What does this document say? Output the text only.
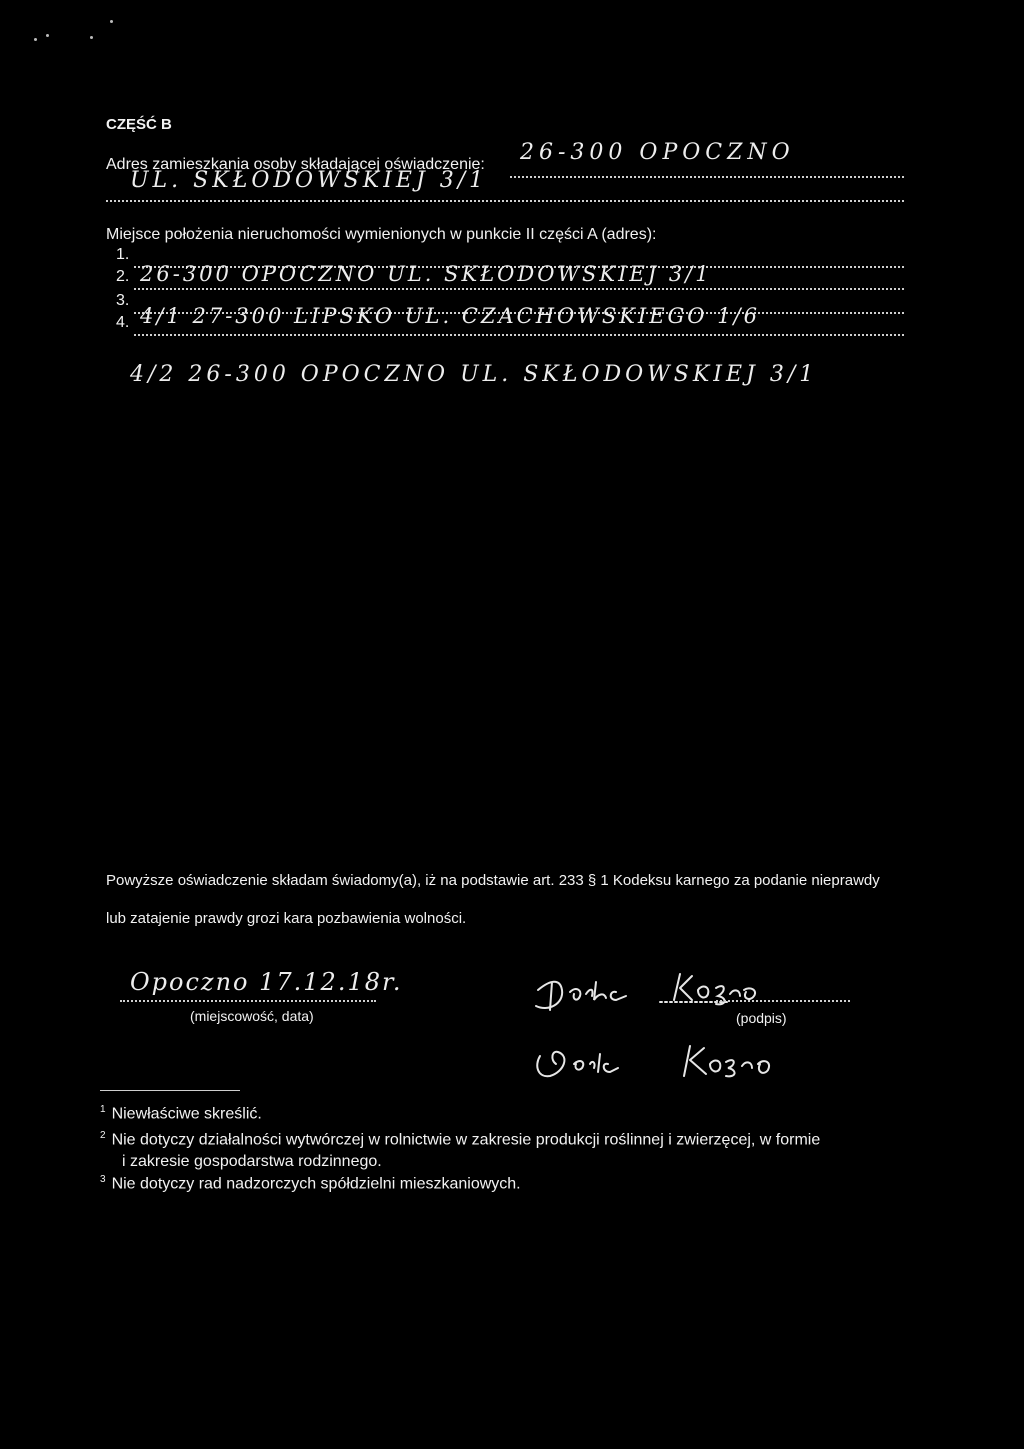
CZĘŚĆ B
Adres zamieszkania osoby składającej oświadczenie: 26-300 OPOCZNO
UL. SKŁODOWSKIEJ 3/1
Miejsce położenia nieruchomości wymienionych w punkcie II części A (adres):
1.
2. 26-300 OPOCZNO UL. SKŁODOWSKIEJ 3/1
3.
4. 4/1 27-300 LIPSKO UL. CZACHOWSKIEGO 1/6
4/2 26-300 OPOCZNO UL. SKŁODOWSKIEJ 3/1
Powyższe oświadczenie składam świadomy(a), iż na podstawie art. 233 § 1 Kodeksu karnego za podanie nieprawdy
lub zatajenie prawdy grozi kara pozbawienia wolności.
Opoczno 17.12.18r.
(miejscowość, data)	(podpis)
$^1$ Niewłaściwe skreślić.
$^2$ Nie dotyczy działalności wytwórczej w rolnictwie w zakresie produkcji roślinnej i zwierzęcej, w formie
i zakresie gospodarstwa rodzinnego.
$^3$ Nie dotyczy rad nadzorczych spółdzielni mieszkaniowych.
